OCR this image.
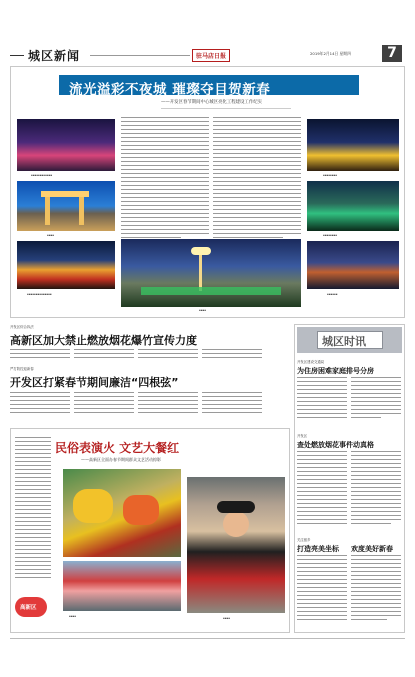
城区新闻	驻马店日报	2019年2月14日 星期四	7
流光溢彩不夜城 璀璨夺目贺新春
——开发区春节期间中心城区亮化工程建设工作纪实
▪▪▪▪▪▪▪▪▪▪▪▪
▪▪▪▪
▪▪▪▪▪▪▪▪▪▪▪▪▪▪
▪▪▪▪
▪▪▪▪▪▪▪▪
▪▪▪▪▪▪▪▪
▪▪▪▪▪▪
开发区综合执法
高新区加大禁止燃放烟花爆竹宣传力度
严打防控迎新春
开发区打紧春节期间廉洁“四根弦”
民俗表演火 文艺大餐红
——高新区全面办春节期间群众文艺活动掠影
高新区
▪▪▪▪
▪▪▪▪
城区时讯
开发区建设交通局
为住房困难家庭排号分房
开发区
查处燃放烟花事件动真格
关注留乡
打造亮美坐标 欢度美好新春
